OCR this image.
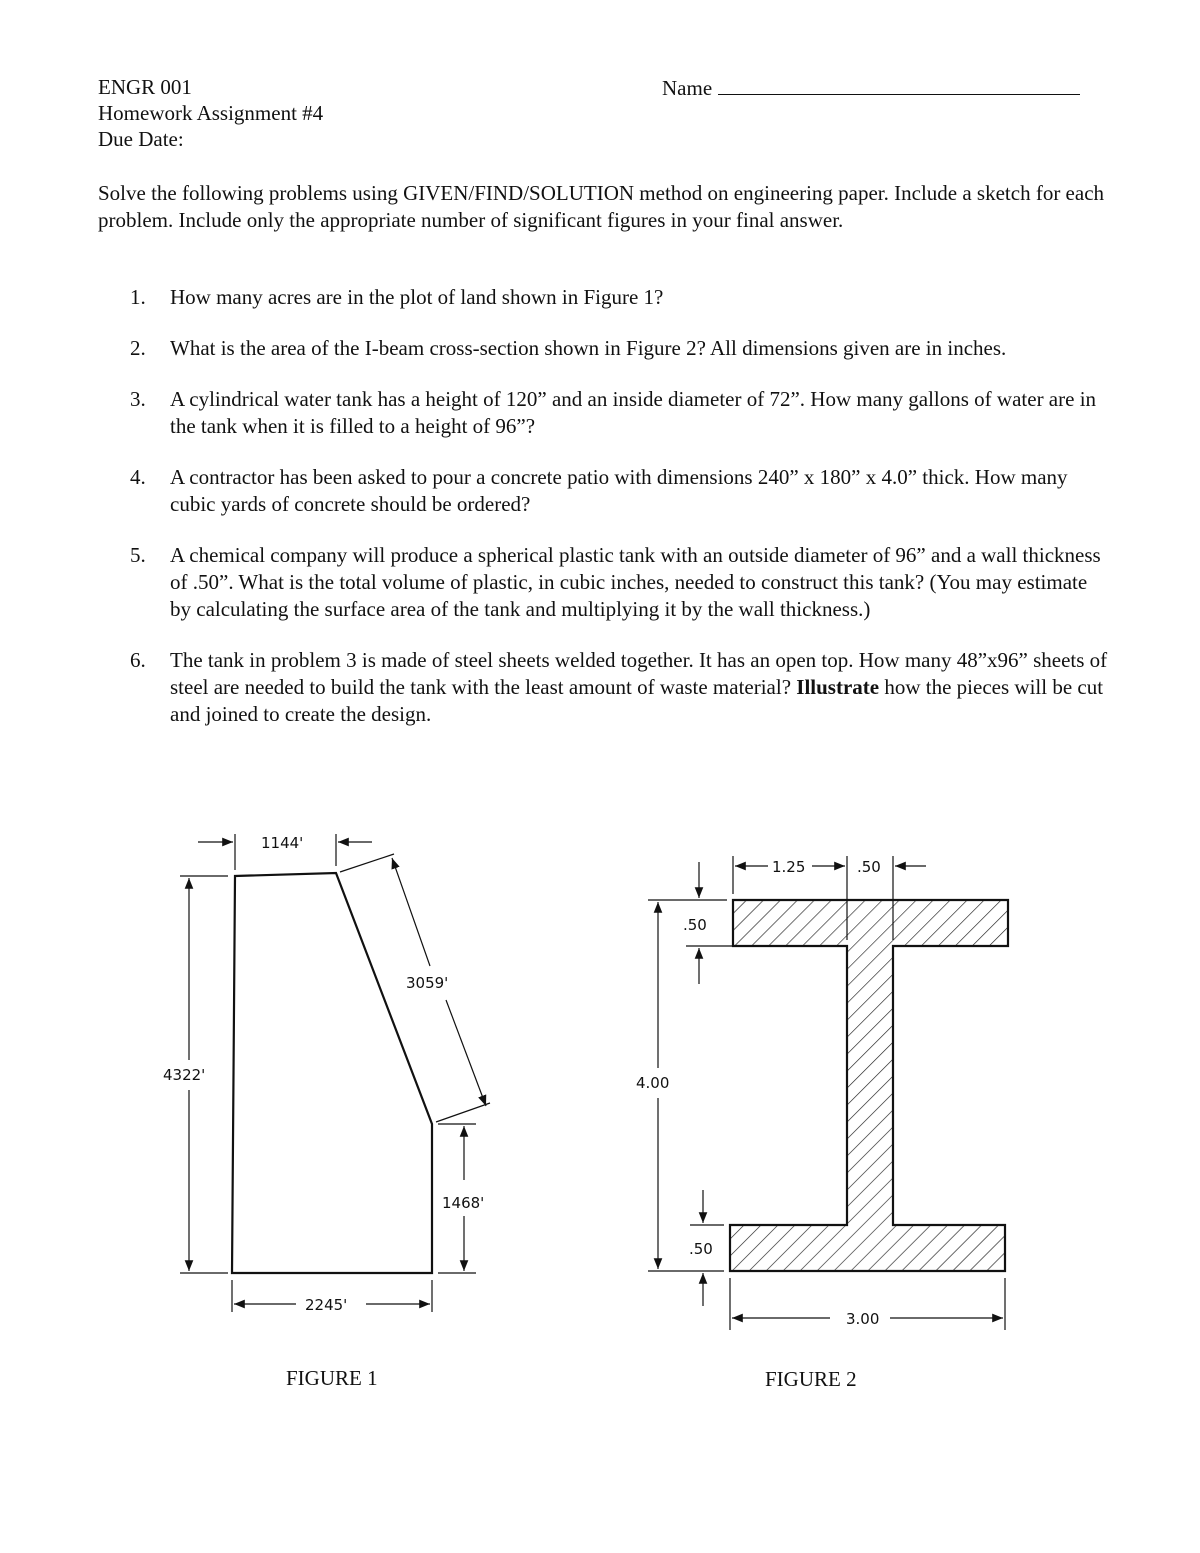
ENGR 001
Homework Assignment #4
Due Date:
Name
Solve the following problems using GIVEN/FIND/SOLUTION method on engineering paper. Include a sketch for each problem. Include only the appropriate number of significant figures in your final answer.
1. How many acres are in the plot of land shown in Figure 1?
2. What is the area of the I-beam cross-section shown in Figure 2? All dimensions given are in inches.
3. A cylindrical water tank has a height of 120” and an inside diameter of 72”. How many gallons of water are in the tank when it is filled to a height of 96”?
4. A contractor has been asked to pour a concrete patio with dimensions 240” x 180” x 4.0” thick. How many cubic yards of concrete should be ordered?
5. A chemical company will produce a spherical plastic tank with an outside diameter of 96” and a wall thickness of .50”. What is the total volume of plastic, in cubic inches, needed to construct this tank? (You may estimate by calculating the surface area of the tank and multiplying it by the wall thickness.)
6. The tank in problem 3 is made of steel sheets welded together. It has an open top. How many 48”x96” sheets of steel are needed to build the tank with the least amount of waste material? Illustrate how the pieces will be cut and joined to create the design.
1144'
3059'
4322'
1468'
2245'
FIGURE 1
1.25	.50
.50
4.00
.50
3.00
FIGURE 2
